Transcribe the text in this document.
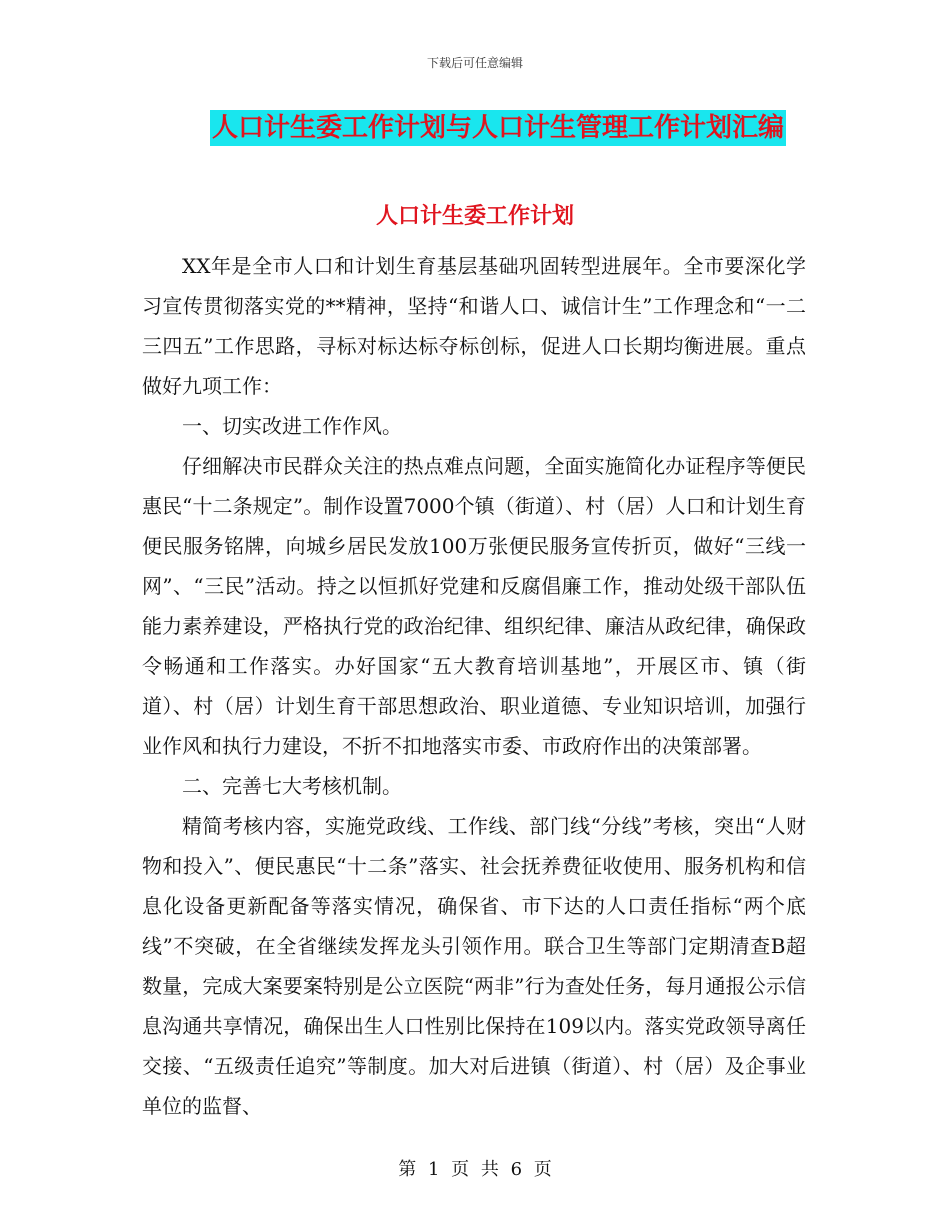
下载后可任意编辑
人口计生委工作计划与人口计生管理工作计划汇编
人口计生委工作计划

XX年是全市人口和计划生育基层基础巩固转型进展年。全市要深化学习宣传贯彻落实党的**精神，坚持“和谐人口、诚信计生”工作理念和“一二三四五”工作思路，寻标对标达标夺标创标，促进人口长期均衡进展。重点做好九项工作：

一、切实改进工作作风。

仔细解决市民群众关注的热点难点问题，全面实施简化办证程序等便民惠民“十二条规定”。制作设置7000个镇（街道）、村（居）人口和计划生育便民服务铭牌，向城乡居民发放100万张便民服务宣传折页，做好“三线一网”、“三民”活动。持之以恒抓好党建和反腐倡廉工作，推动处级干部队伍能力素养建设，严格执行党的政治纪律、组织纪律、廉洁从政纪律，确保政令畅通和工作落实。办好国家“五大教育培训基地”，开展区市、镇（街道）、村（居）计划生育干部思想政治、职业道德、专业知识培训，加强行业作风和执行力建设，不折不扣地落实市委、市政府作出的决策部署。

二、完善七大考核机制。

精简考核内容，实施党政线、工作线、部门线“分线”考核，突出“人财物和投入”、便民惠民“十二条”落实、社会抚养费征收使用、服务机构和信息化设备更新配备等落实情况，确保省、市下达的人口责任指标“两个底线”不突破，在全省继续发挥龙头引领作用。联合卫生等部门定期清查B超数量，完成大案要案特别是公立医院“两非”行为查处任务，每月通报公示信息沟通共享情况，确保出生人口性别比保持在109以内。落实党政领导离任交接、“五级责任追究”等制度。加大对后进镇（街道）、村（居）及企事业单位的监督、

第 1 页 共 6 页
